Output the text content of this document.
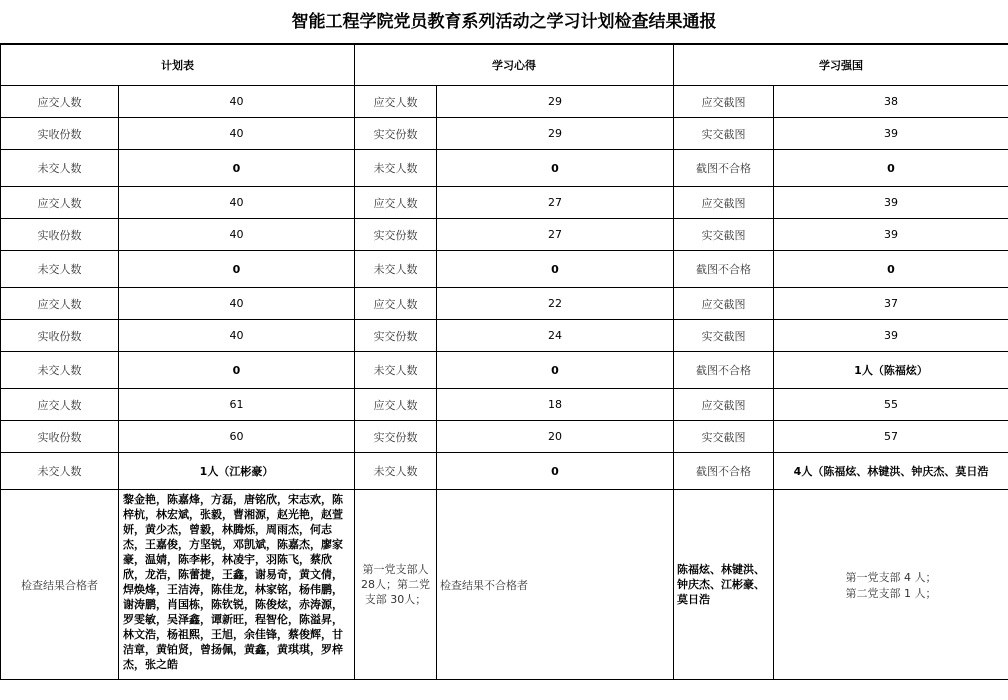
智能工程学院党员教育系列活动之学习计划检查结果通报
计划表		学习心得		学习强国	
应交人数	40	应交人数	29	应交截图	38
实收份数	40	实交份数	29	实交截图	39
未交人数	0	未交人数	0	截图不合格	0
应交人数	40	应交人数	27	应交截图	39
实收份数	40	实交份数	27	实交截图	39
未交人数	0	未交人数	0	截图不合格	0
应交人数	40	应交人数	22	应交截图	37
实收份数	40	实交份数	24	实交截图	39
未交人数	0	未交人数	0	截图不合格	1人（陈福炫）
应交人数	61	应交人数	18	应交截图	55
实收份数	60	实交份数	20	实交截图	57
未交人数	1人（江彬豪）	未交人数	0	截图不合格	4人（陈福炫、林键洪、钟庆杰、莫日浩
检查结果合格者	黎金艳，陈嘉烽，方磊，唐铭欣，宋志欢，陈梓杭，林宏斌，张毅，曹湘源，赵光艳，赵萱妍，黄少杰，曾毅，林腾烁，周雨杰，何志杰，王嘉俊，方坚锐，邓凯斌，陈嘉杰，廖家豪，温婧，陈李彬，林凌宇，羽陈飞，蔡欣欣，龙浩，陈蕾捷，王鑫，谢易奇，黄文倩，焊焕烽，王洁涛，陈佳龙，林家铭，杨伟鹏，谢涛鹏，肖国栋，陈钦锐，陈俊炫，赤涛源，罗雯敏，吴泽鑫，谭新旺，程智伦，陈溢昇，林文浩，杨祖熙，王旭，余佳锋，蔡俊辉，甘洁章，黄铂贤，曾扬佩，黄鑫，黄琪琪，罗梓杰，张之皓	第一党支部人28人；第二党支部 30人；	检查结果不合格者	陈福炫、林键洪、钟庆杰、江彬豪、莫日浩	第一党支部 4 人；
第二党支部 1 人；
